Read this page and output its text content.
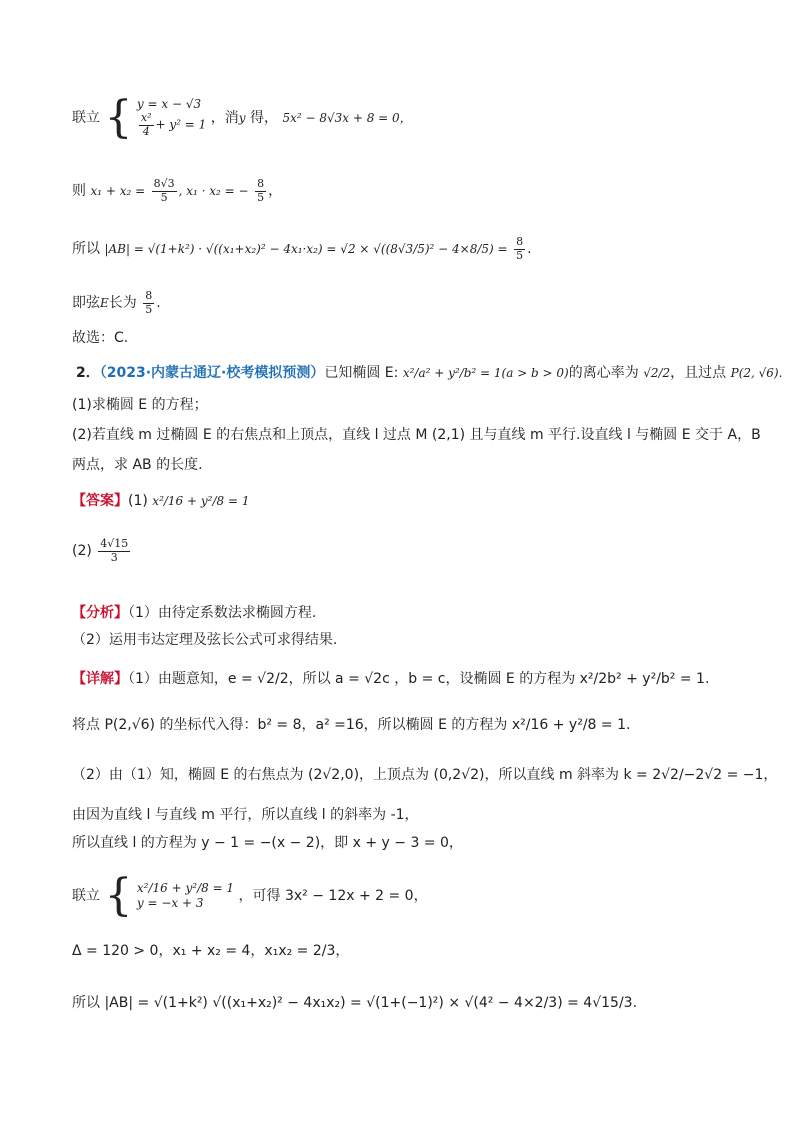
联立 { y = x − √3
$\frac{\text{x²}}{4} + y^2 = 1$ ，消y 得， 5x² − 8√3x + 8 = 0，
则 $x_1 + x_2 = \frac{8√3}{5}$ , x₁ · x₂ = − $\frac{8}{5}$ ，
所以 $|AB| = √(1+k^2) \cdot √((x_1+x_2)^2 - 4x_1\cdot x_2) = √2 \times √((8√3/5)^2 - 4\times 8/5) = \frac{8}{5}$ .
即弦E长为 $\frac{8}{5}$ .
故选：C.
2．（2023·内蒙古通辽·校考模拟预测）已知椭圆 E: x²/a² + y²/b² = 1(a > b > 0)的离心率为 √2/2，且过点 P(2, √6).
(1)求椭圆 E 的方程；
(2)若直线 m 过椭圆 E 的右焦点和上顶点，直线 l 过点 M (2,1) 且与直线 m 平行.设直线 l 与椭圆 E 交于 A，B
两点，求 AB 的长度.
【答案】(1) x²/16 + y²/8 = 1
$(2) \frac{4√15}{3}$
【分析】（1）由待定系数法求椭圆方程.
（2）运用韦达定理及弦长公式可求得结果.
【详解】（1）由题意知，e = √2/2，所以 a = √2c ，b = c，设椭圆 E 的方程为 x²/2b² + y²/b² = 1.
将点 P(2,√6) 的坐标代入得：b² = 8，a² =16，所以椭圆 E 的方程为 x²/16 + y²/8 = 1.
（2）由（1）知，椭圆 E 的右焦点为 (2√2,0)，上顶点为 (0,2√2)，所以直线 m 斜率为 k = 2√2/−2√2 = −1，
由因为直线 l 与直线 m 平行，所以直线 l 的斜率为 -1，
所以直线 l 的方程为 y − 1 = −(x − 2)，即 x + y − 3 = 0，
联立 { x²/16 + y²/8 = 1
y = −x + 3	，可得 3x² − 12x + 2 = 0，
Δ = 120 > 0，x₁ + x₂ = 4，x₁x₂ = 2/3，
所以 |AB| = √(1+k²) √((x₁+x₂)² − 4x₁x₂) = √(1+(−1)²) × √(4² − 4×2/3) = 4√15/3.
